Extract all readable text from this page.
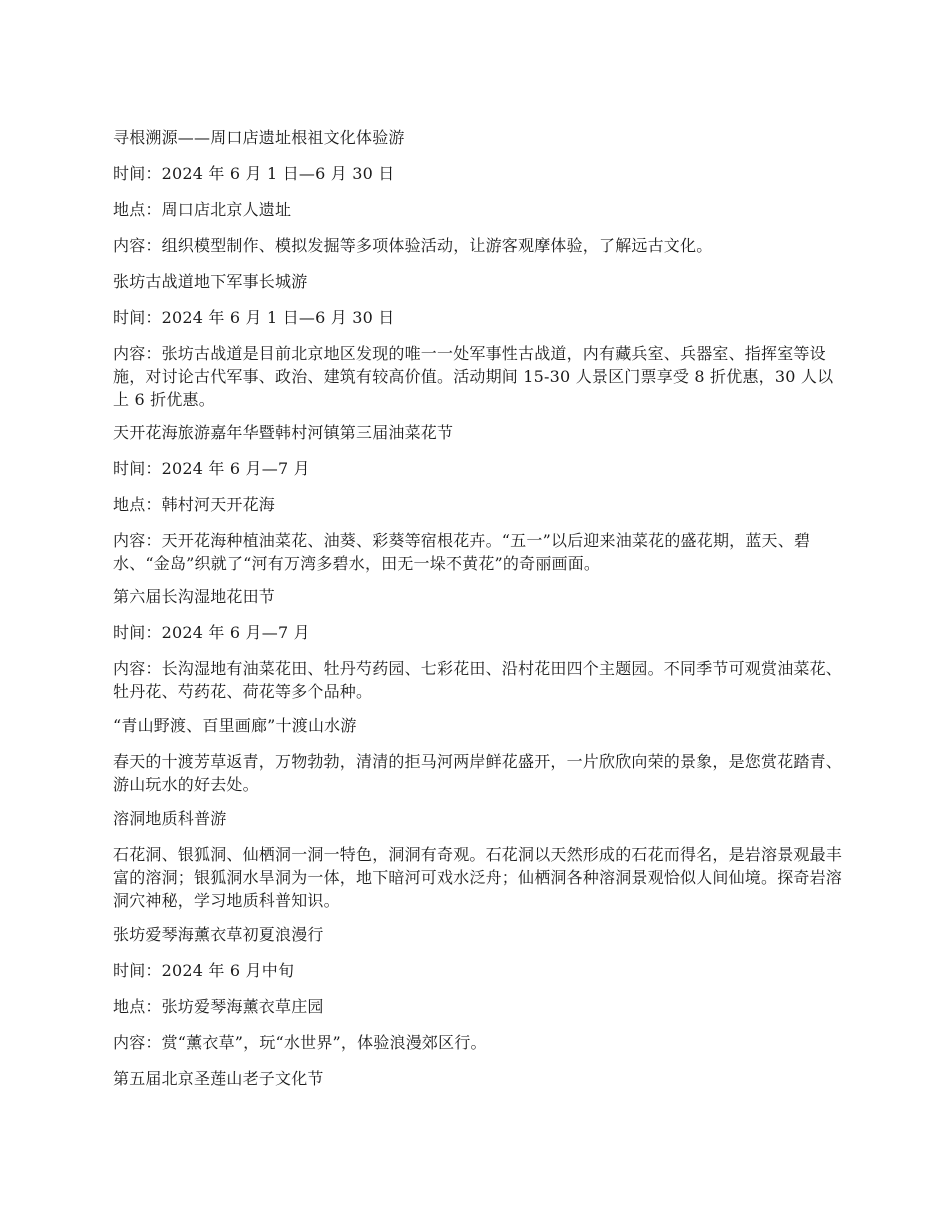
寻根溯源——周口店遗址根祖文化体验游

时间：2024 年 6 月 1 日—6 月 30 日

地点：周口店北京人遗址

内容：组织模型制作、模拟发掘等多项体验活动，让游客观摩体验，了解远古文化。

张坊古战道地下军事长城游

时间：2024 年 6 月 1 日—6 月 30 日

内容：张坊古战道是目前北京地区发现的唯一一处军事性古战道，内有藏兵室、兵器室、指挥室等设施，对讨论古代军事、政治、建筑有较高价值。活动期间 15-30 人景区门票享受 8 折优惠，30 人以上 6 折优惠。

天开花海旅游嘉年华暨韩村河镇第三届油菜花节

时间：2024 年 6 月—7 月

地点：韩村河天开花海

内容：天开花海种植油菜花、油葵、彩葵等宿根花卉。“五一”以后迎来油菜花的盛花期，蓝天、碧水、“金岛”织就了“河有万湾多碧水，田无一垛不黄花”的奇丽画面。

第六届长沟湿地花田节

时间：2024 年 6 月—7 月

内容：长沟湿地有油菜花田、牡丹芍药园、七彩花田、沿村花田四个主题园。不同季节可观赏油菜花、牡丹花、芍药花、荷花等多个品种。

“青山野渡、百里画廊”十渡山水游

春天的十渡芳草返青，万物勃勃，清清的拒马河两岸鲜花盛开，一片欣欣向荣的景象，是您赏花踏青、游山玩水的好去处。

溶洞地质科普游

石花洞、银狐洞、仙栖洞一洞一特色，洞洞有奇观。石花洞以天然形成的石花而得名，是岩溶景观最丰富的溶洞；银狐洞水旱洞为一体，地下暗河可戏水泛舟；仙栖洞各种溶洞景观恰似人间仙境。探奇岩溶洞穴神秘，学习地质科普知识。

张坊爱琴海薰衣草初夏浪漫行

时间：2024 年 6 月中旬

地点：张坊爱琴海薰衣草庄园

内容：赏“薰衣草”，玩“水世界”，体验浪漫郊区行。

第五届北京圣莲山老子文化节
